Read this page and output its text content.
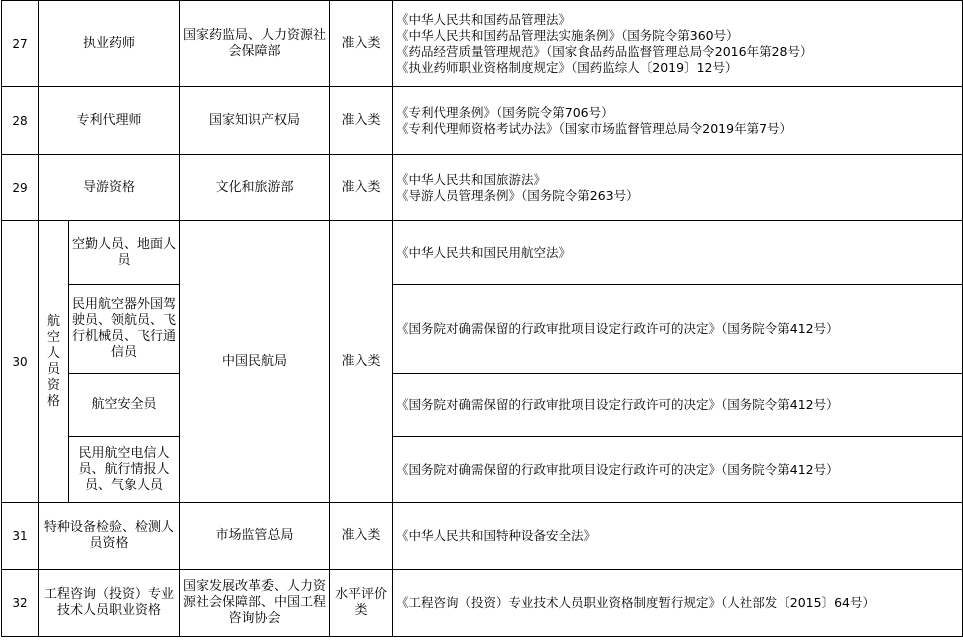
27	执业药师		国家药监局、人力资源社会保障部	准入类	《中华人民共和国药品管理法》
《中华人民共和国药品管理法实施条例》（国务院令第360号）
《药品经营质量管理规范》（国家食品药品监督管理总局令2016年第28号）
《执业药师职业资格制度规定》（国药监综人〔2019〕12号）

28	专利代理师		国家知识产权局	准入类	《专利代理条例》（国务院令第706号）
《专利代理师资格考试办法》（国家市场监督管理总局令2019年第7号）

29	导游资格		文化和旅游部	准入类	《中华人民共和国旅游法》
《导游人员管理条例》（国务院令第263号）

30	航空人员资格	空勤人员、地面人员	中国民航局	准入类	《中华人民共和国民用航空法》
		民用航空器外国驾驶员、领航员、飞行机械员、飞行通信员			《国务院对确需保留的行政审批项目设定行政许可的决定》（国务院令第412号）
		航空安全员			《国务院对确需保留的行政审批项目设定行政许可的决定》（国务院令第412号）
		民用航空电信人员、航行情报人员、气象人员			《国务院对确需保留的行政审批项目设定行政许可的决定》（国务院令第412号）
31	特种设备检验、检测人员资格		市场监管总局	准入类	《中华人民共和国特种设备安全法》

32	工程咨询（投资）专业技术人员职业资格		国家发展改革委、人力资源社会保障部、中国工程咨询协会	水平评价类	《工程咨询（投资）专业技术人员职业资格制度暂行规定》（人社部发〔2015〕64号）
